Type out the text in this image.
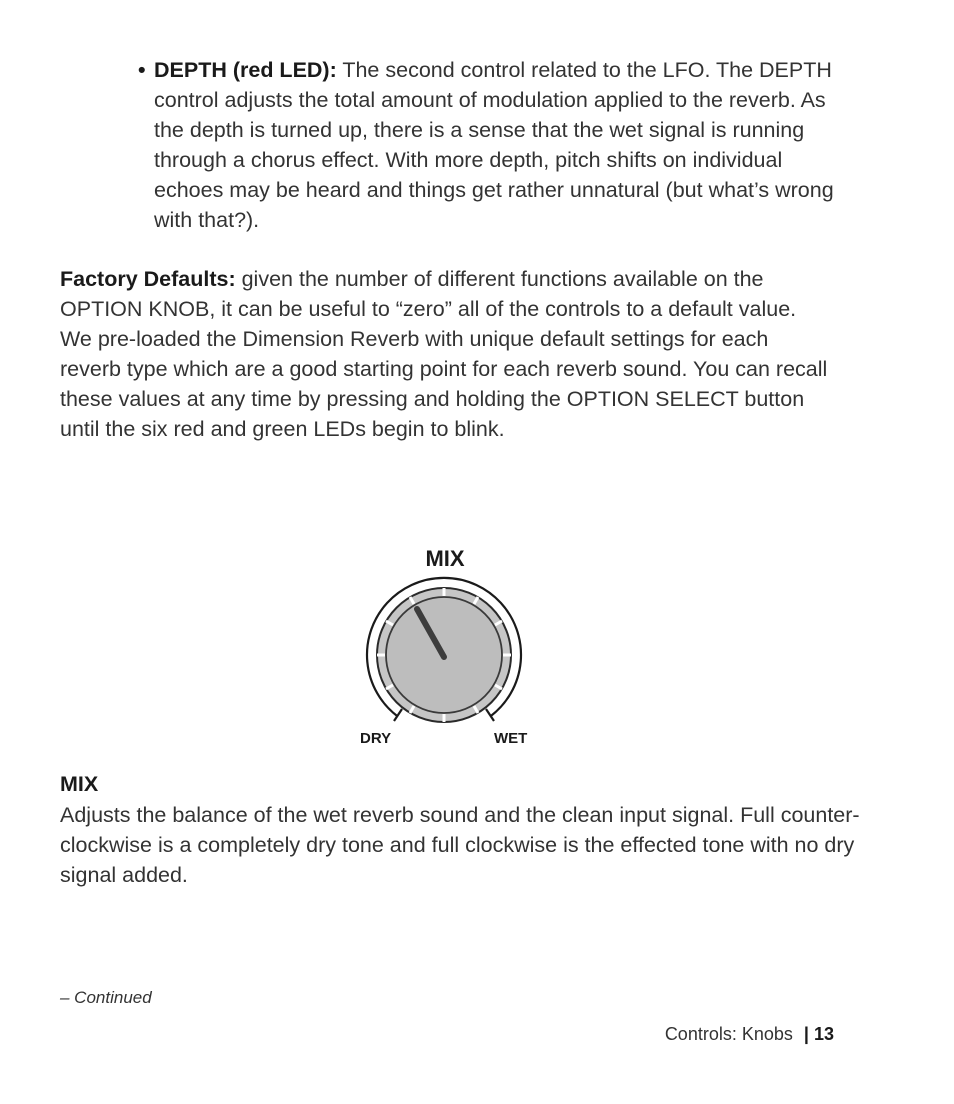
• DEPTH (red LED): The second control related to the LFO. The DEPTH control adjusts the total amount of modulation applied to the reverb. As the depth is turned up, there is a sense that the wet signal is running through a chorus effect. With more depth, pitch shifts on individual echoes may be heard and things get rather unnatural (but what’s wrong with that?).
Factory Defaults: given the number of different functions available on the OPTION KNOB, it can be useful to “zero” all of the controls to a default value. We pre-loaded the Dimension Reverb with unique default settings for each reverb type which are a good starting point for each reverb sound. You can recall these values at any time by pressing and holding the OPTION SELECT button until the six red and green LEDs begin to blink.
MIX
DRY	WET
MIX
Adjusts the balance of the wet reverb sound and the clean input signal. Full counter-clockwise is a completely dry tone and full clockwise is the effected tone with no dry signal added.
– Continued
Controls: Knobs | 13
